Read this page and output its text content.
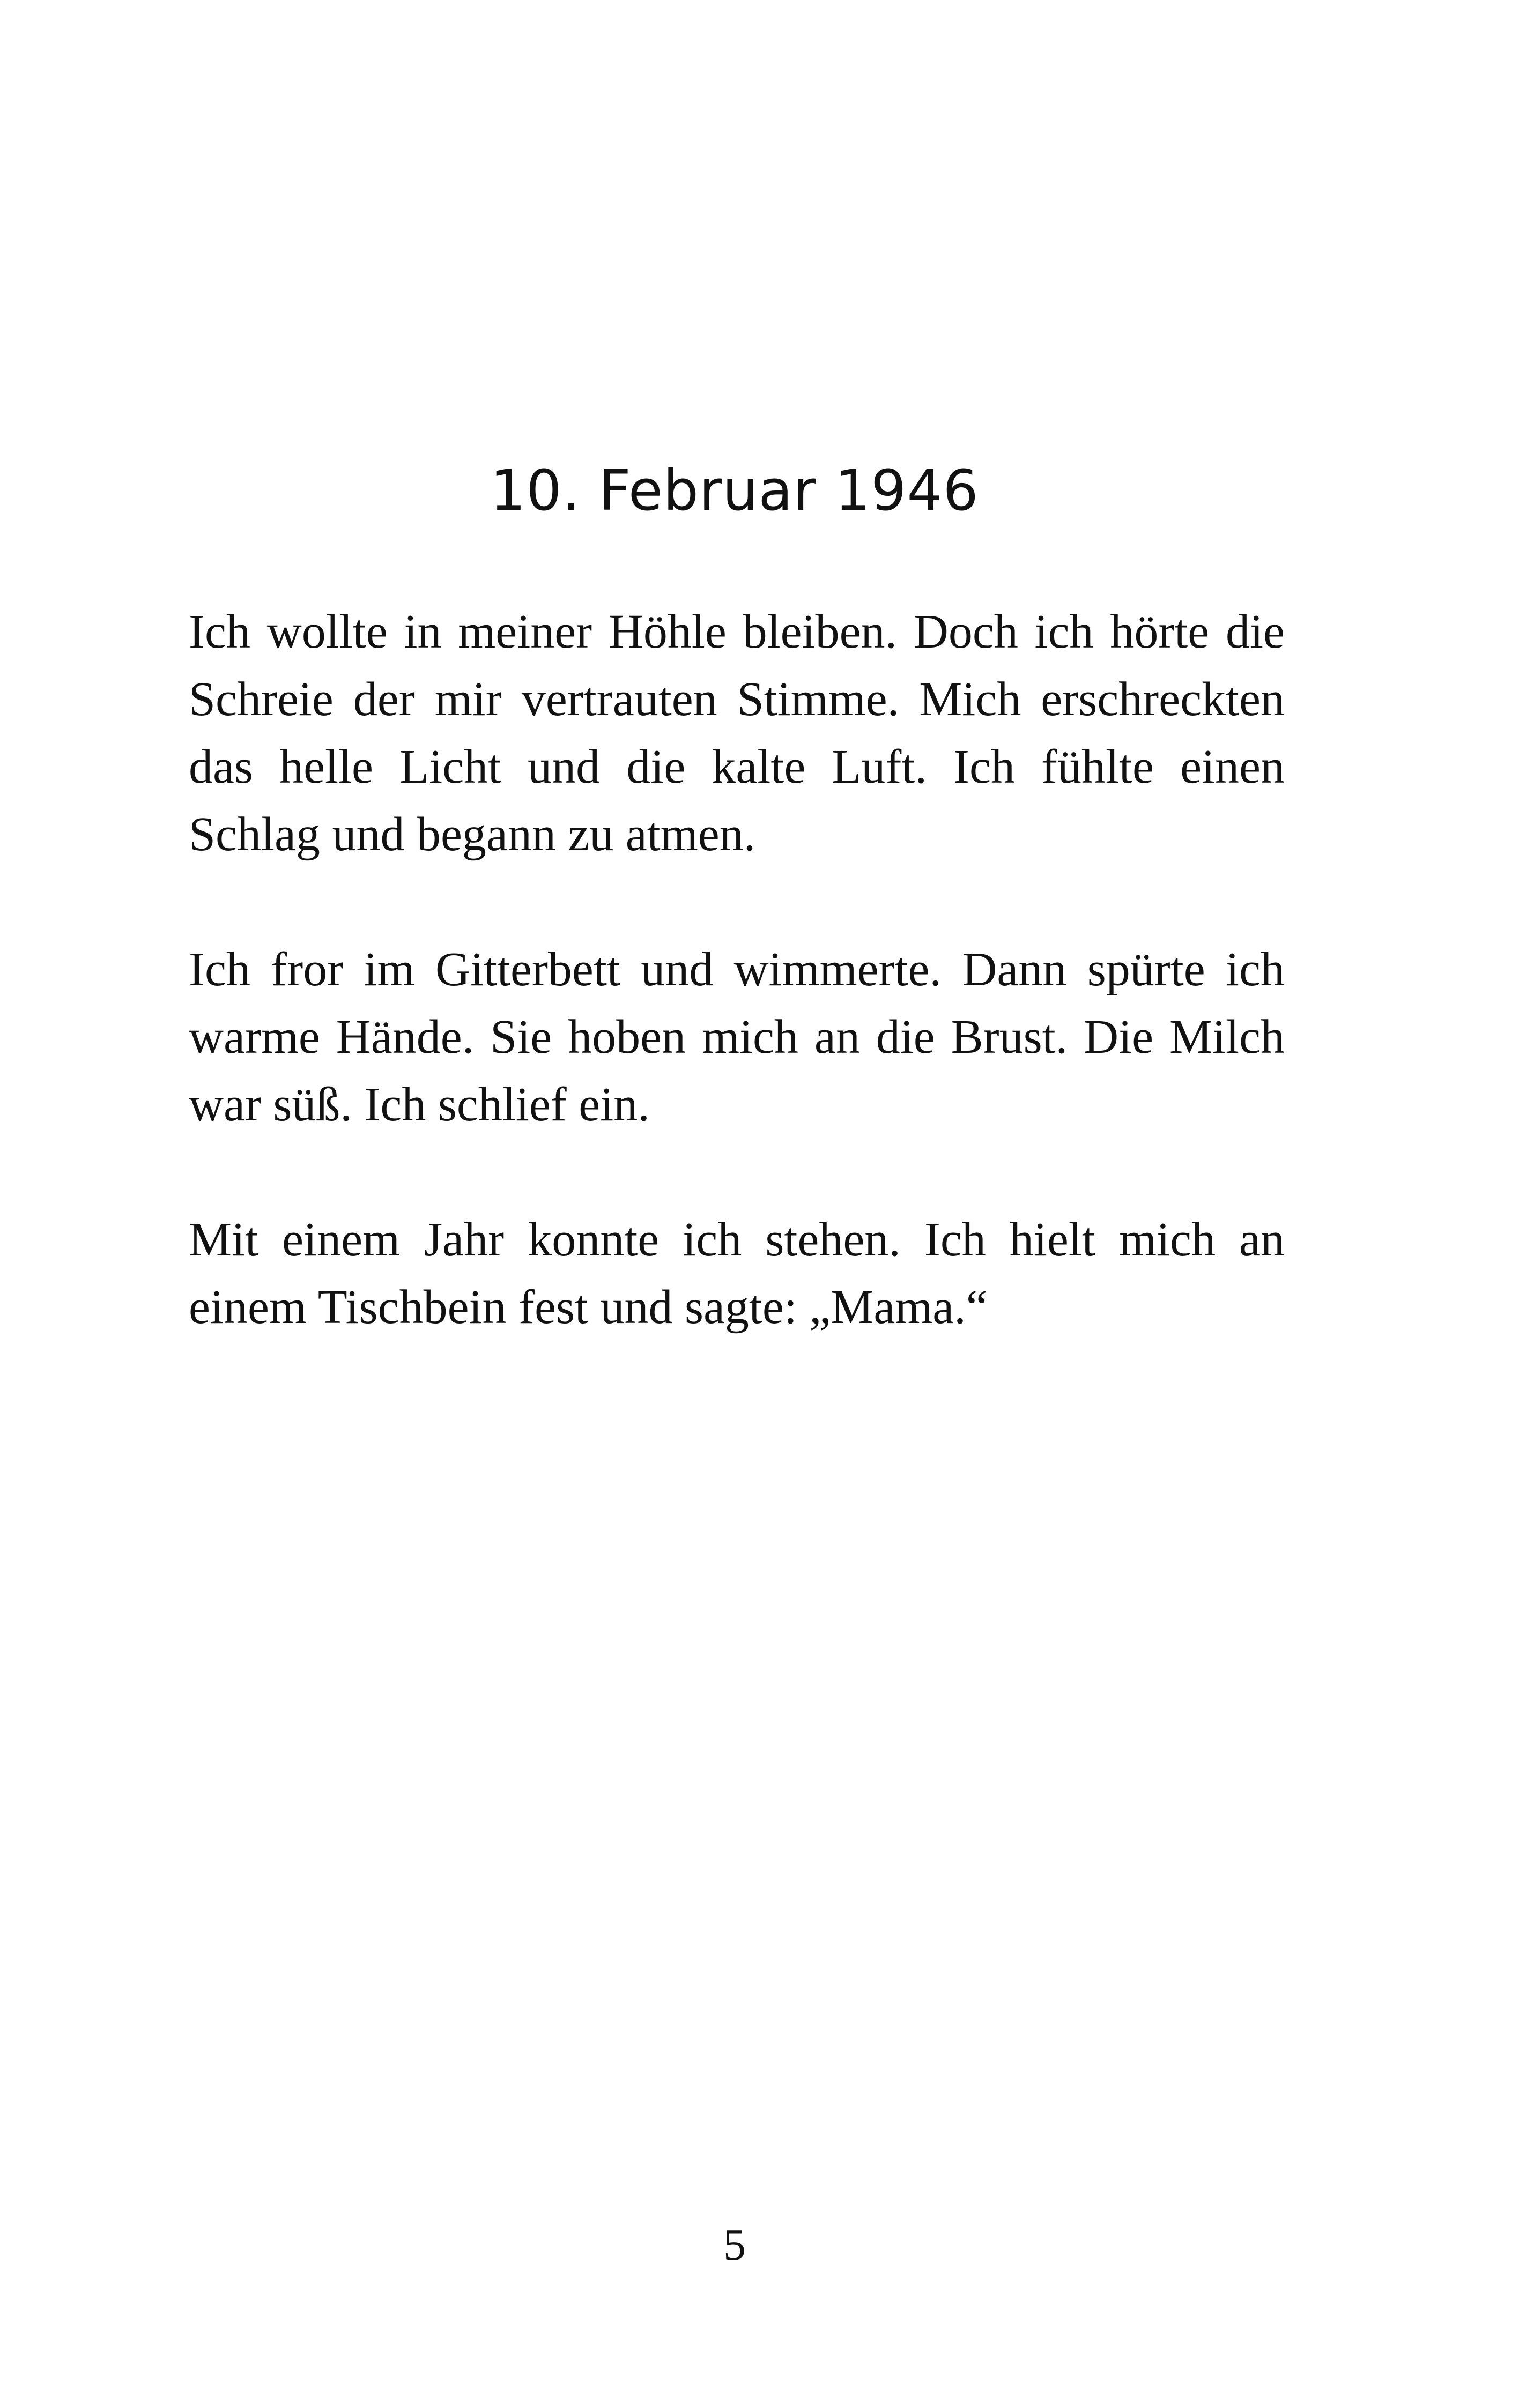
10. Februar 1946

Ich wollte in meiner Höhle bleiben. Doch ich hörte die Schreie der mir vertrauten Stimme. Mich erschreckten das helle Licht und die kalte Luft. Ich fühlte einen Schlag und begann zu atmen.

Ich fror im Gitterbett und wimmerte. Dann spürte ich warme Hände. Sie hoben mich an die Brust. Die Milch war süß. Ich schlief ein.

Mit einem Jahr konnte ich stehen. Ich hielt mich an einem Tischbein fest und sagte: „Mama.“

5
